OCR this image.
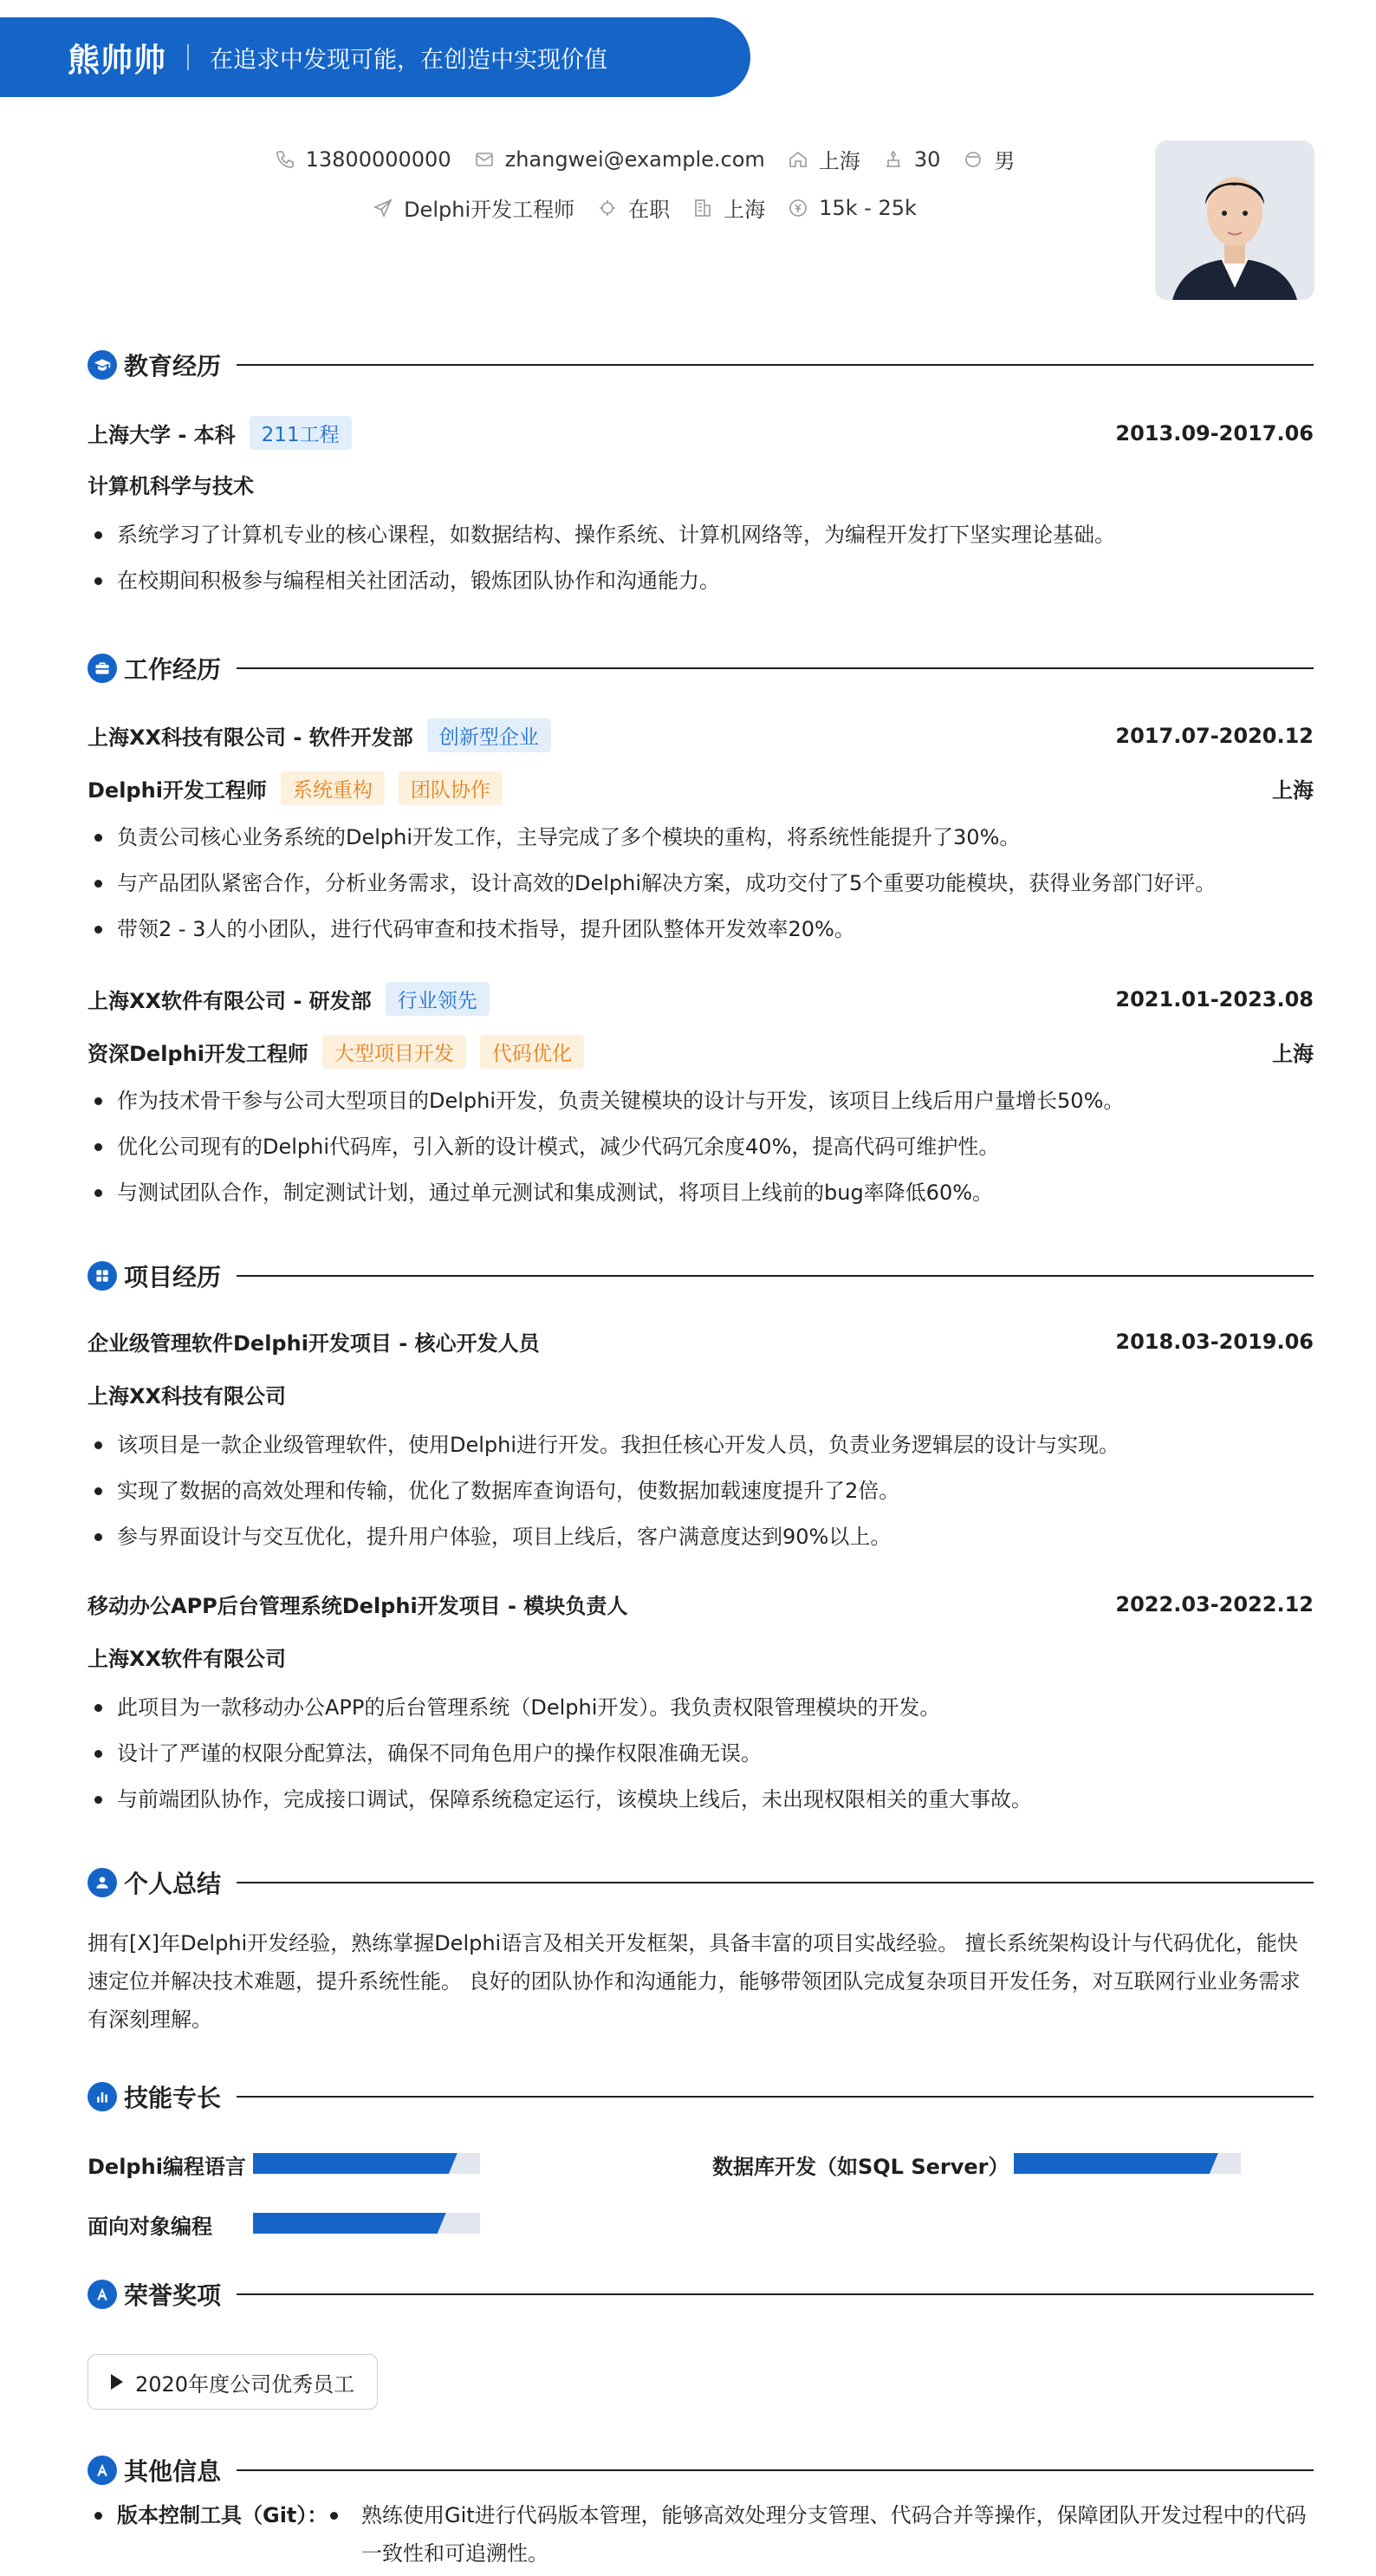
熊帅帅 在追求中发现可能，在创造中实现价值
13800000000	zhangwei@example.com	上海	30	男
Delphi开发工程师	在职	上海	15k - 25k
教育经历
上海大学 - 本科	211工程	2013.09-2017.06
计算机科学与技术
系统学习了计算机专业的核心课程，如数据结构、操作系统、计算机网络等，为编程开发打下坚实理论基础。
在校期间积极参与编程相关社团活动，锻炼团队协作和沟通能力。
工作经历
上海XX科技有限公司 - 软件开发部	创新型企业	2017.07-2020.12
Delphi开发工程师	系统重构	团队协作	上海
负责公司核心业务系统的Delphi开发工作，主导完成了多个模块的重构，将系统性能提升了30%。
与产品团队紧密合作，分析业务需求，设计高效的Delphi解决方案，成功交付了5个重要功能模块，获得业务部门好评。
带领2 - 3人的小团队，进行代码审查和技术指导，提升团队整体开发效率20%。
上海XX软件有限公司 - 研发部	行业领先	2021.01-2023.08
资深Delphi开发工程师	大型项目开发	代码优化	上海
作为技术骨干参与公司大型项目的Delphi开发，负责关键模块的设计与开发，该项目上线后用户量增长50%。
优化公司现有的Delphi代码库，引入新的设计模式，减少代码冗余度40%，提高代码可维护性。
与测试团队合作，制定测试计划，通过单元测试和集成测试，将项目上线前的bug率降低60%。
项目经历
企业级管理软件Delphi开发项目 - 核心开发人员	2018.03-2019.06
上海XX科技有限公司
该项目是一款企业级管理软件，使用Delphi进行开发。我担任核心开发人员，负责业务逻辑层的设计与实现。
实现了数据的高效处理和传输，优化了数据库查询语句，使数据加载速度提升了2倍。
参与界面设计与交互优化，提升用户体验，项目上线后，客户满意度达到90%以上。
移动办公APP后台管理系统Delphi开发项目 - 模块负责人	2022.03-2022.12
上海XX软件有限公司
此项目为一款移动办公APP的后台管理系统（Delphi开发）。我负责权限管理模块的开发。
设计了严谨的权限分配算法，确保不同角色用户的操作权限准确无误。
与前端团队协作，完成接口调试，保障系统稳定运行，该模块上线后，未出现权限相关的重大事故。
个人总结
拥有[X]年Delphi开发经验，熟练掌握Delphi语言及相关开发框架，具备丰富的项目实战经验。 擅长系统架构设计与代码优化，能快速定位并解决技术难题，提升系统性能。 良好的团队协作和沟通能力，能够带领团队完成复杂项目开发任务，对互联网行业业务需求有深刻理解。
技能专长
Delphi编程语言	数据库开发（如SQL Server）
面向对象编程
荣誉奖项
2020年度公司优秀员工
其他信息
版本控制工具（Git）： 熟练使用Git进行代码版本管理，能够高效处理分支管理、代码合并等操作，保障团队开发过程中的代码一致性和可追溯性。
